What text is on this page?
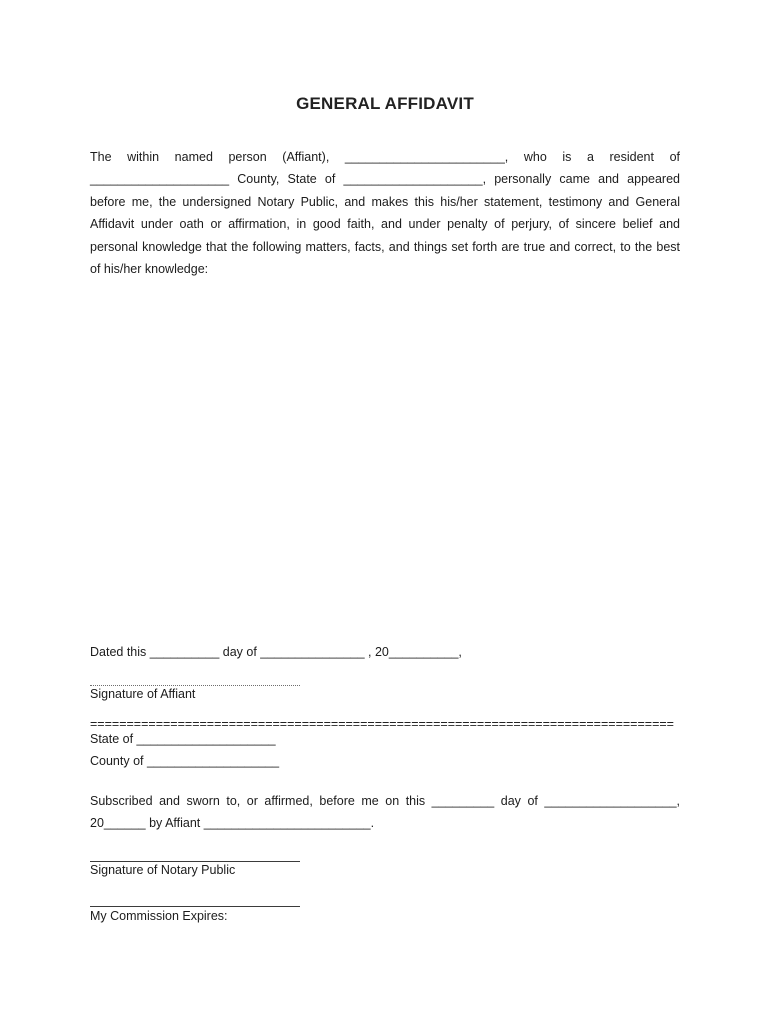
GENERAL AFFIDAVIT
The within named person (Affiant), _______________________, who is a resident of
____________________ County, State of ____________________, personally came and appeared
before me, the undersigned Notary Public, and makes this his/her statement, testimony and General
Affidavit under oath or affirmation, in good faith, and under penalty of perjury, of sincere belief and
personal knowledge that the following matters, facts, and things set forth are true and correct, to the best
of his/her knowledge:
Dated this __________ day of _______________ , 20__________,
Signature of Affiant
================================================================================
State of ____________________
County of ___________________
Subscribed and sworn to, or affirmed, before me on this _________ day of ___________________,
20______ by Affiant ________________________.
Signature of Notary Public
My Commission Expires:
